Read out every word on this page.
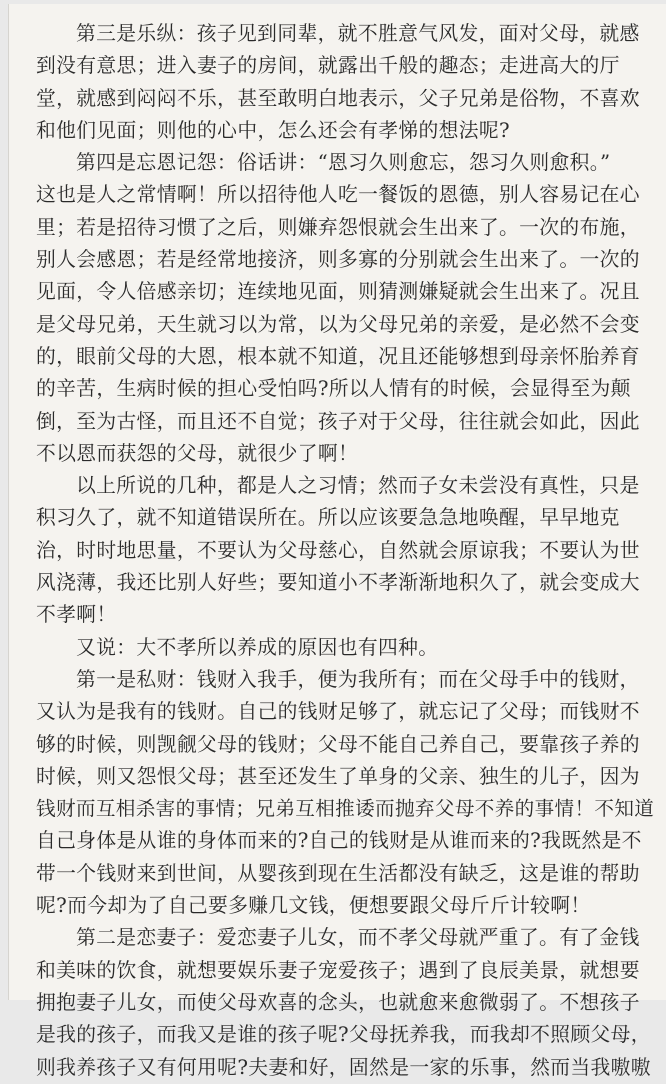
第三是乐纵：孩子见到同辈，就不胜意气风发，面对父母，就感
到没有意思；进入妻子的房间，就露出千般的趣态；走进高大的厅
堂，就感到闷闷不乐，甚至敢明白地表示，父子兄弟是俗物，不喜欢
和他们见面；则他的心中，怎么还会有孝悌的想法呢?
第四是忘恩记怨：俗话讲：“恩习久则愈忘，怨习久则愈积。”
这也是人之常情啊！所以招待他人吃一餐饭的恩德，别人容易记在心
里；若是招待习惯了之后，则嫌弃怨恨就会生出来了。一次的布施，
别人会感恩；若是经常地接济，则多寡的分别就会生出来了。一次的
见面，令人倍感亲切；连续地见面，则猜测嫌疑就会生出来了。况且
是父母兄弟，天生就习以为常，以为父母兄弟的亲爱，是必然不会变
的，眼前父母的大恩，根本就不知道，况且还能够想到母亲怀胎养育
的辛苦，生病时候的担心受怕吗?所以人情有的时候，会显得至为颠
倒，至为古怪，而且还不自觉；孩子对于父母，往往就会如此，因此
不以恩而获怨的父母，就很少了啊！
以上所说的几种，都是人之习情；然而子女未尝没有真性，只是
积习久了，就不知道错误所在。所以应该要急急地唤醒，早早地克
治，时时地思量，不要认为父母慈心，自然就会原谅我；不要认为世
风浇薄，我还比别人好些；要知道小不孝渐渐地积久了，就会变成大
不孝啊！
又说：大不孝所以养成的原因也有四种。
第一是私财：钱财入我手，便为我所有；而在父母手中的钱财，
又认为是我有的钱财。自己的钱财足够了，就忘记了父母；而钱财不
够的时候，则觊觎父母的钱财；父母不能自己养自己，要靠孩子养的
时候，则又怨恨父母；甚至还发生了单身的父亲、独生的儿子，因为
钱财而互相杀害的事情；兄弟互相推诿而抛弃父母不养的事情！不知道
自己身体是从谁的身体而来的?自己的钱财是从谁而来的?我既然是不
带一个钱财来到世间，从婴孩到现在生活都没有缺乏，这是谁的帮助
呢?而今却为了自己要多赚几文钱，便想要跟父母斤斤计较啊！
第二是恋妻子：爱恋妻子儿女，而不孝父母就严重了。有了金钱
和美味的饮食，就想要娱乐妻子宠爱孩子；遇到了良辰美景，就想要
拥抱妻子儿女，而使父母欢喜的念头，也就愈来愈微弱了。不想孩子
是我的孩子，而我又是谁的孩子呢?父母抚养我，而我却不照顾父母，
则我养孩子又有何用呢?夫妻和好，固然是一家的乐事，然而当我嗷嗷
